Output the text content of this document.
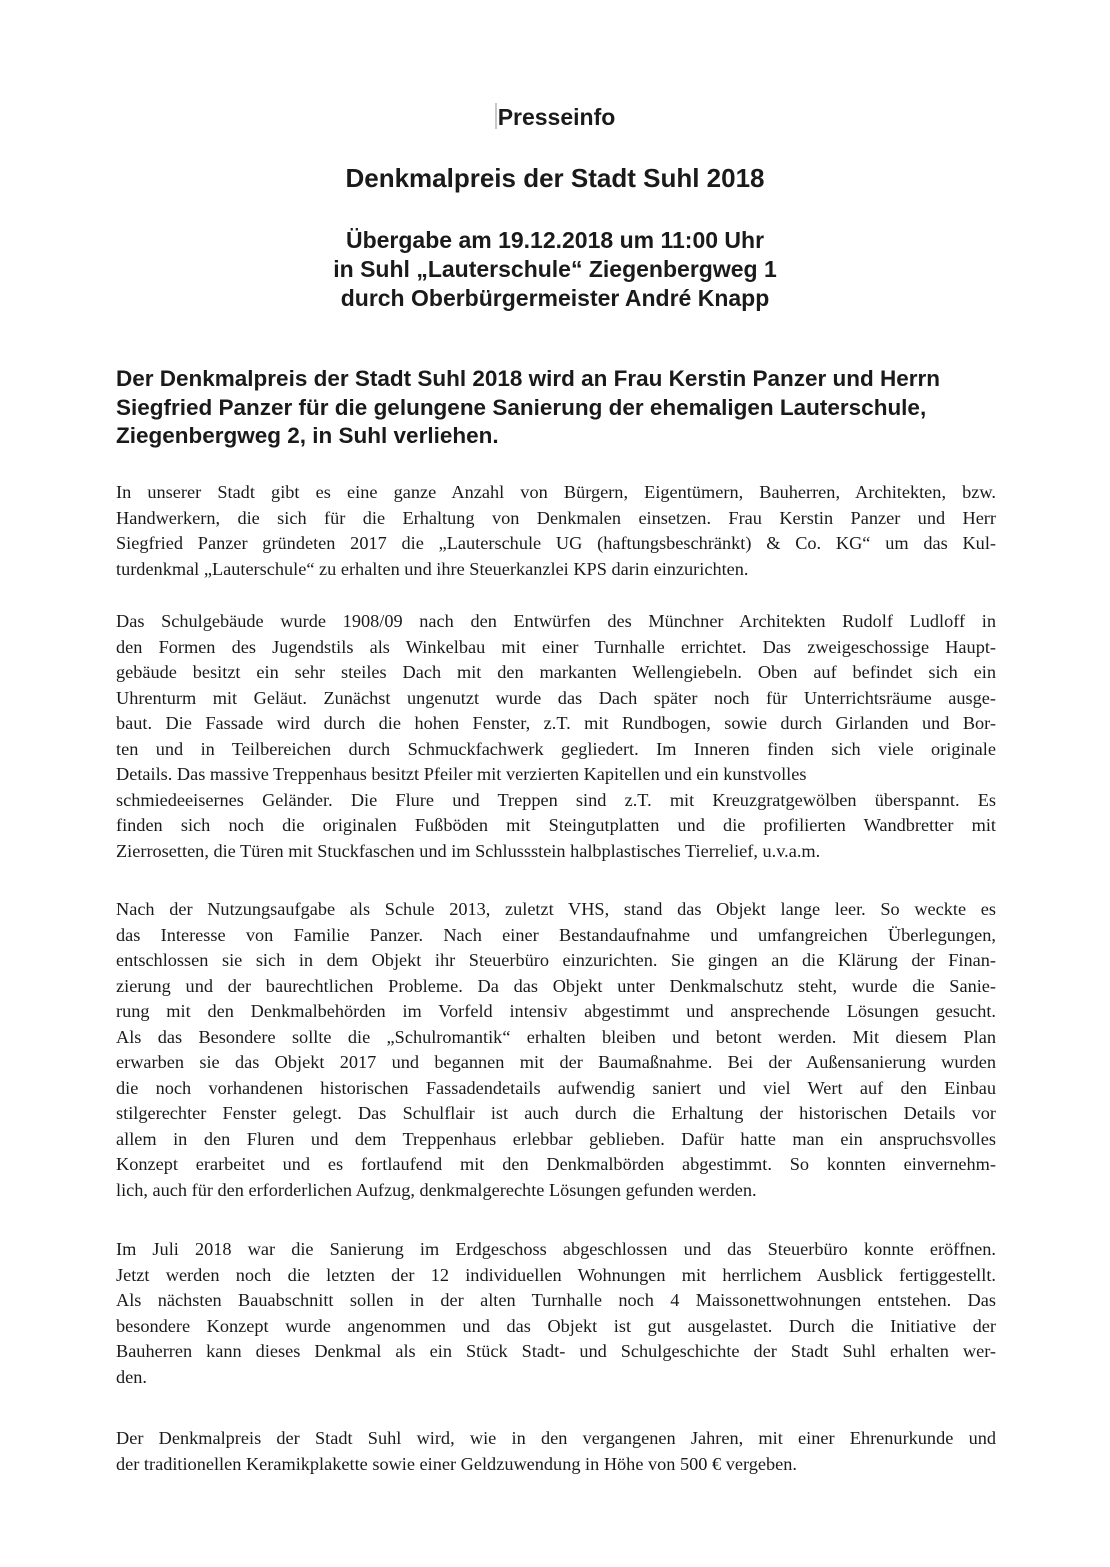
Presseinfo
Denkmalpreis der Stadt Suhl 2018
Übergabe am 19.12.2018 um 11:00 Uhr
in Suhl „Lauterschule“ Ziegenbergweg 1
durch Oberbürgermeister André Knapp
Der Denkmalpreis der Stadt Suhl 2018 wird an Frau Kerstin Panzer und Herrn
Siegfried Panzer für die gelungene Sanierung der ehemaligen Lauterschule,
Ziegenbergweg 2, in Suhl verliehen.
In unserer Stadt gibt es eine ganze Anzahl von Bürgern, Eigentümern, Bauherren, Architekten, bzw.
Handwerkern, die sich für die Erhaltung von Denkmalen einsetzen. Frau Kerstin Panzer und Herr
Siegfried Panzer gründeten 2017 die „Lauterschule UG (haftungsbeschränkt) & Co. KG“ um das Kul-
turdenkmal „Lauterschule“ zu erhalten und ihre Steuerkanzlei KPS darin einzurichten.
Das Schulgebäude wurde 1908/09 nach den Entwürfen des Münchner Architekten Rudolf Ludloff in
den Formen des Jugendstils als Winkelbau mit einer Turnhalle errichtet. Das zweigeschossige Haupt-
gebäude besitzt ein sehr steiles Dach mit den markanten Wellengiebeln. Oben auf befindet sich ein
Uhrenturm mit Geläut. Zunächst ungenutzt wurde das Dach später noch für Unterrichtsräume ausge-
baut. Die Fassade wird durch die hohen Fenster, z.T. mit Rundbogen, sowie durch Girlanden und Bor-
ten und in Teilbereichen durch Schmuckfachwerk gegliedert. Im Inneren finden sich viele originale
Details. Das massive Treppenhaus besitzt Pfeiler mit verzierten Kapitellen und ein kunstvolles
schmiedeeisernes Geländer. Die Flure und Treppen sind z.T. mit Kreuzgratgewölben überspannt. Es
finden sich noch die originalen Fußböden mit Steingutplatten und die profilierten Wandbretter mit
Zierrosetten, die Türen mit Stuckfaschen und im Schlussstein halbplastisches Tierrelief, u.v.a.m.
Nach der Nutzungsaufgabe als Schule 2013, zuletzt VHS, stand das Objekt lange leer. So weckte es
das Interesse von Familie Panzer. Nach einer Bestandaufnahme und umfangreichen Überlegungen,
entschlossen sie sich in dem Objekt ihr Steuerbüro einzurichten. Sie gingen an die Klärung der Finan-
zierung und der baurechtlichen Probleme. Da das Objekt unter Denkmalschutz steht, wurde die Sanie-
rung mit den Denkmalbehörden im Vorfeld intensiv abgestimmt und ansprechende Lösungen gesucht.
Als das Besondere sollte die „Schulromantik“ erhalten bleiben und betont werden. Mit diesem Plan
erwarben sie das Objekt 2017 und begannen mit der Baumaßnahme. Bei der Außensanierung wurden
die noch vorhandenen historischen Fassadendetails aufwendig saniert und viel Wert auf den Einbau
stilgerechter Fenster gelegt. Das Schulflair ist auch durch die Erhaltung der historischen Details vor
allem in den Fluren und dem Treppenhaus erlebbar geblieben. Dafür hatte man ein anspruchsvolles
Konzept erarbeitet und es fortlaufend mit den Denkmalbörden abgestimmt. So konnten einvernehm-
lich, auch für den erforderlichen Aufzug, denkmalgerechte Lösungen gefunden werden.
Im Juli 2018 war die Sanierung im Erdgeschoss abgeschlossen und das Steuerbüro konnte eröffnen.
Jetzt werden noch die letzten der 12 individuellen Wohnungen mit herrlichem Ausblick fertiggestellt.
Als nächsten Bauabschnitt sollen in der alten Turnhalle noch 4 Maissonettwohnungen entstehen. Das
besondere Konzept wurde angenommen und das Objekt ist gut ausgelastet. Durch die Initiative der
Bauherren kann dieses Denkmal als ein Stück Stadt- und Schulgeschichte der Stadt Suhl erhalten wer-
den.
Der Denkmalpreis der Stadt Suhl wird, wie in den vergangenen Jahren, mit einer Ehrenurkunde und
der traditionellen Keramikplakette sowie einer Geldzuwendung in Höhe von 500 € vergeben.
